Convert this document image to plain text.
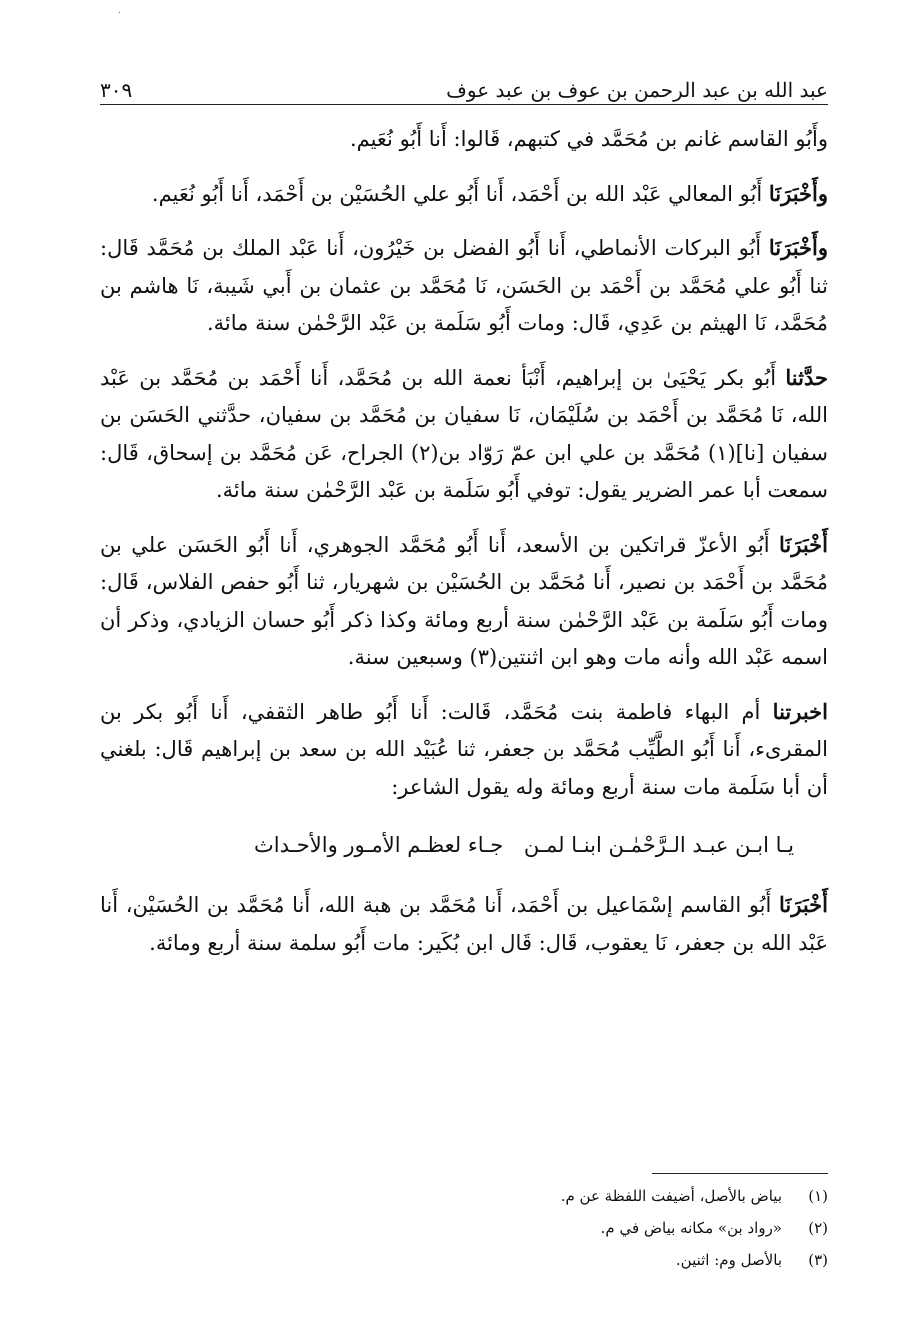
·
عبد الله بن عبد الرحمن بن عوف بن عبد عوف
٣٠٩

وأَبُو القاسم غانم بن مُحَمَّد في كتبهم، قَالوا: أَنا أَبُو نُعَيم.

وأَخْبَرَنَا أَبُو المعالي عَبْد الله بن أَحْمَد، أَنا أَبُو علي الحُسَيْن بن أَحْمَد، أَنا أَبُو نُعَيم.

وأَخْبَرَنَا أَبُو البركات الأنماطي، أَنا أَبُو الفضل بن خَيْرُون، أَنا عَبْد الملك بن مُحَمَّد قَال: ثنا أَبُو علي مُحَمَّد بن أَحْمَد بن الحَسَن، نَا مُحَمَّد بن عثمان بن أَبي شَيبة، نَا هاشم بن مُحَمَّد، نَا الهيثم بن عَدِي، قَال: ومات أَبُو سَلَمة بن عَبْد الرَّحْمٰن سنة مائة.

حدَّثنا أَبُو بكر يَحْيَىٰ بن إبراهيم، أَنْبَأ نعمة الله بن مُحَمَّد، أَنا أَحْمَد بن مُحَمَّد بن عَبْد الله، نَا مُحَمَّد بن أَحْمَد بن سُلَيْمَان، نَا سفيان بن مُحَمَّد بن سفيان، حدَّثني الحَسَن بن سفيان [نا](١) مُحَمَّد بن علي ابن عمّ رَوّاد بن(٢) الجراح، عَن مُحَمَّد بن إسحاق، قَال: سمعت أبا عمر الضرير يقول: توفي أَبُو سَلَمة بن عَبْد الرَّحْمٰن سنة مائة.

أَخْبَرَنَا أَبُو الأعزّ قراتكين بن الأسعد، أَنا أَبُو مُحَمَّد الجوهري، أَنا أَبُو الحَسَن علي بن مُحَمَّد بن أَحْمَد بن نصير، أَنا مُحَمَّد بن الحُسَيْن بن شهريار، ثنا أَبُو حفص الفلاس، قَال: ومات أَبُو سَلَمة بن عَبْد الرَّحْمٰن سنة أربع ومائة وكذا ذكر أَبُو حسان الزيادي، وذكر أن اسمه عَبْد الله وأنه مات وهو ابن اثنتين(٣) وسبعين سنة.

اخبرتنا أم البهاء فاطمة بنت مُحَمَّد، قَالت: أَنا أَبُو طاهر الثقفي، أَنا أَبُو بكر بن المقرىء، أَنا أَبُو الطَّيِّب مُحَمَّد بن جعفر، ثنا عُبَيْد الله بن سعد بن إبراهيم قَال: بلغني أن أبا سَلَمة مات سنة أربع ومائة وله يقول الشاعر:

يـا ابـن عبـد الـرَّحْمٰـن ابنـا لمـن
جـاء لعظـم الأمـور والأحـداث

أَخْبَرَنَا أَبُو القاسم إسْمَاعيل بن أَحْمَد، أَنا مُحَمَّد بن هبة الله، أَنا مُحَمَّد بن الحُسَيْن، أَنا عَبْد الله بن جعفر، نَا يعقوب، قَال: قَال ابن بُكَير: مات أَبُو سلمة سنة أربع ومائة.

(١)
بياض بالأصل، أضيفت اللفظة عن م.
(٢)
«رواد بن» مكانه بياض في م.
(٣)
بالأصل وم: اثنين.
